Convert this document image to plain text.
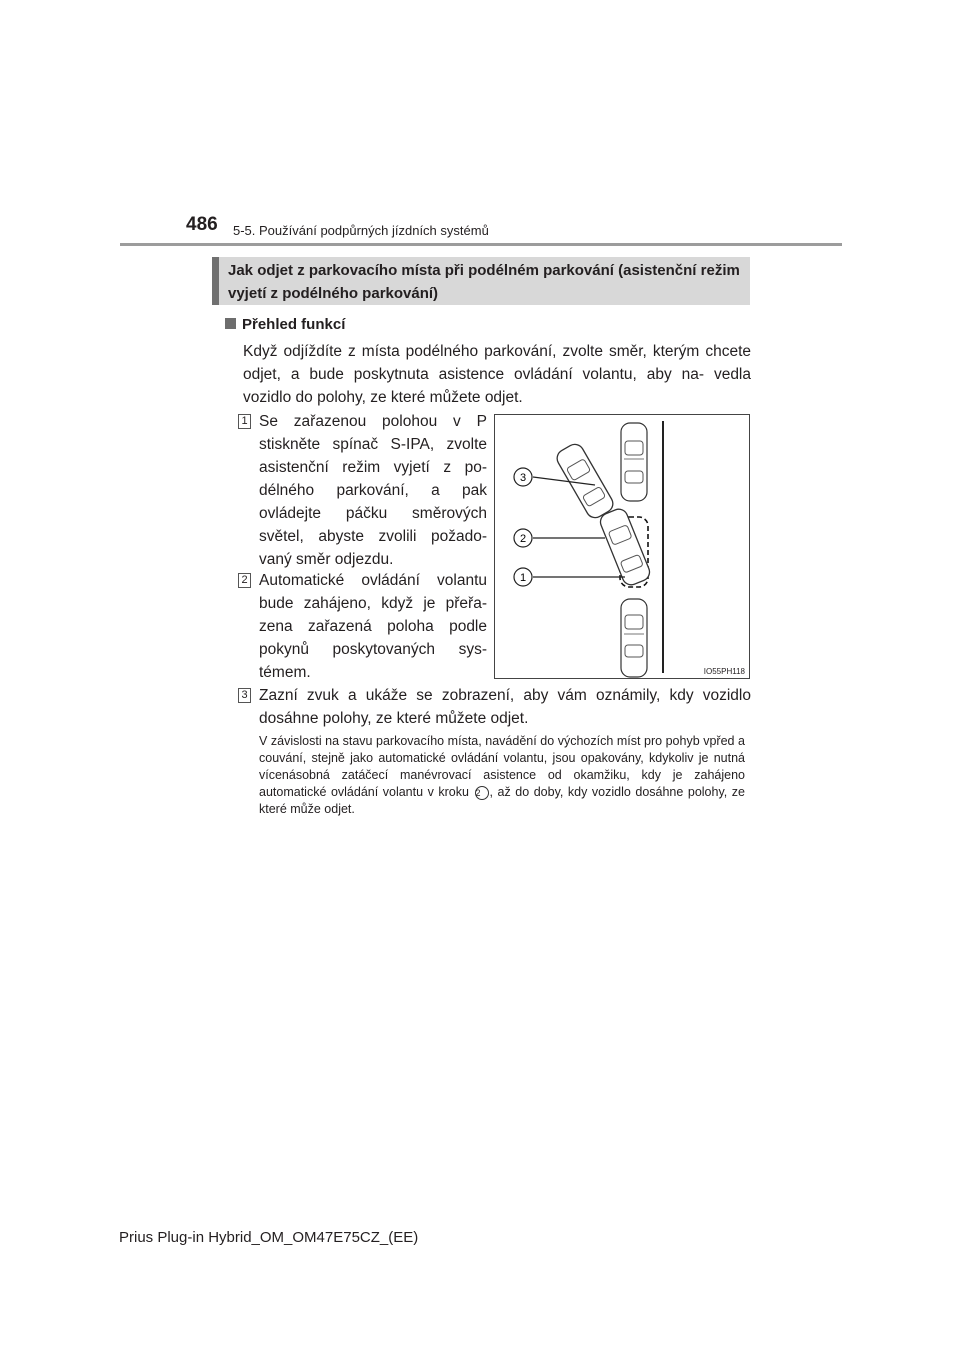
486 5-5. Používání podpůrných jízdních systémů
Jak odjet z parkovacího místa při podélném parkování (asistenční režim vyjetí z podélného parkování)
Přehled funkcí
Když odjíždíte z místa podélného parkování, zvolte směr, kterým chcete odjet, a bude poskytnuta asistence ovládání volantu, aby na- vedla vozidlo do polohy, ze které můžete odjet.
1 Se zařazenou polohou v P stiskněte spínač S-IPA, zvolte asistenční režim vyjetí z po- délného parkování, a pak ovládejte páčku směrových světel, abyste zvolili požado- vaný směr odjezdu.
2 Automatické ovládání volantu bude zahájeno, když je přeřa- zena zařazená poloha podle pokynů poskytovaných sys- témem.
3 Zazní zvuk a ukáže se zobrazení, aby vám oznámily, kdy vozidlo dosáhne polohy, ze které můžete odjet.
V závislosti na stavu parkovacího místa, navádění do výchozích míst pro pohyb vpřed a couvání, stejně jako automatické ovládání volantu, jsou opakovány, kdykoliv je nutná vícenásobná zatáčecí manévrovací asistence od okamžiku, kdy je zahájeno automatické ovládání volantu v kroku 2 , až do doby, kdy vozidlo dosáhne polohy, ze které může odjet.
3
2
1
IO55PH118
Prius Plug-in Hybrid_OM_OM47E75CZ_(EE)
